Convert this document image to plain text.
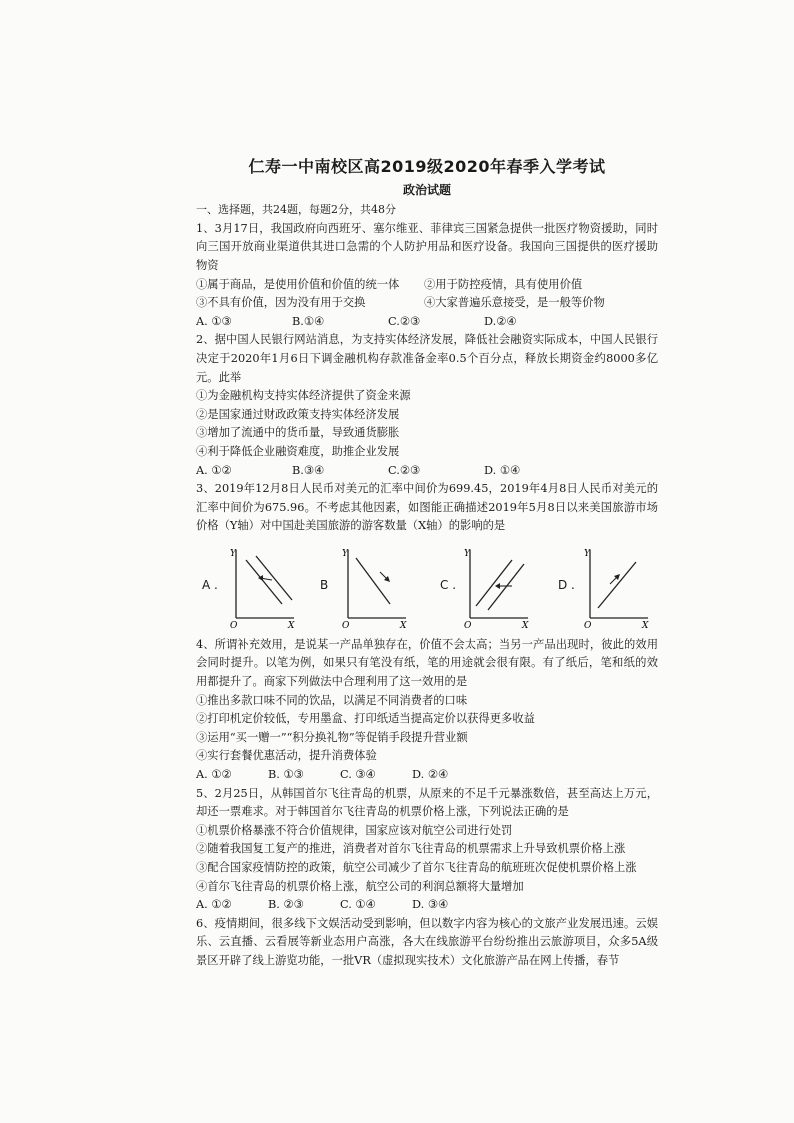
仁寿一中南校区高2019级2020年春季入学考试
政治试题
一、选择题，共24题，每题2分，共48分
1、3月17日，我国政府向西班牙、塞尔维亚、菲律宾三国紧急提供一批医疗物资援助，同时向三国开放商业渠道供其进口急需的个人防护用品和医疗设备。我国向三国提供的医疗援助物资
①属于商品，是使用价值和价值的统一体 ②用于防控疫情，具有使用价值
③不具有价值，因为没有用于交换	④大家普遍乐意接受，是一般等价物
A. ①③	B.①④	C.②③	D.②④
2、据中国人民银行网站消息，为支持实体经济发展，降低社会融资实际成本，中国人民银行决定于2020年1月6日下调金融机构存款准备金率0.5个百分点，释放长期资金约8000多亿元。此举
①为金融机构支持实体经济提供了资金来源
②是国家通过财政政策支持实体经济发展
③增加了流通中的货币量，导致通货膨胀
④利于降低企业融资难度，助推企业发展
A. ①②	B.③④	C.②③	D. ①④
3、2019年12月8日人民币对美元的汇率中间价为699.45，2019年4月8日人民币对美元的汇率中间价为675.96。不考虑其他因素，如图能正确描述2019年5月8日以来美国旅游市场价格（Y轴）对中国赴美国旅游的游客数量（X轴）的影响的是
A .
Y
X
O
B
Y
X
O
C .
Y
X
O
D .
Y
X
O
4、所谓补充效用，是说某一产品单独存在，价值不会太高；当另一产品出现时，彼此的效用会同时提升。以笔为例，如果只有笔没有纸，笔的用途就会很有限。有了纸后，笔和纸的效用都提升了。商家下列做法中合理利用了这一效用的是
①推出多款口味不同的饮品，以满足不同消费者的口味
②打印机定价较低，专用墨盒、打印纸适当提高定价以获得更多收益
③运用“买一赠一”“积分换礼物”等促销手段提升营业额
④实行套餐优惠活动，提升消费体验
A. ①②	B. ①③	C. ③④	D. ②④
5、2月25日，从韩国首尔飞往青岛的机票，从原来的不足千元暴涨数倍，甚至高达上万元，却还一票难求。对于韩国首尔飞往青岛的机票价格上涨，下列说法正确的是
①机票价格暴涨不符合价值规律，国家应该对航空公司进行处罚
②随着我国复工复产的推进，消费者对首尔飞往青岛的机票需求上升导致机票价格上涨
③配合国家疫情防控的政策，航空公司减少了首尔飞往青岛的航班班次促使机票价格上涨
④首尔飞往青岛的机票价格上涨，航空公司的利润总额将大量增加
A. ①②	B. ②③	C. ①④	D. ③④
6、疫情期间，很多线下文娱活动受到影响，但以数字内容为核心的文旅产业发展迅速。云娱乐、云直播、云看展等新业态用户高涨，各大在线旅游平台纷纷推出云旅游项目，众多5A级景区开辟了线上游览功能，一批VR（虚拟现实技术）文化旅游产品在网上传播，春节
